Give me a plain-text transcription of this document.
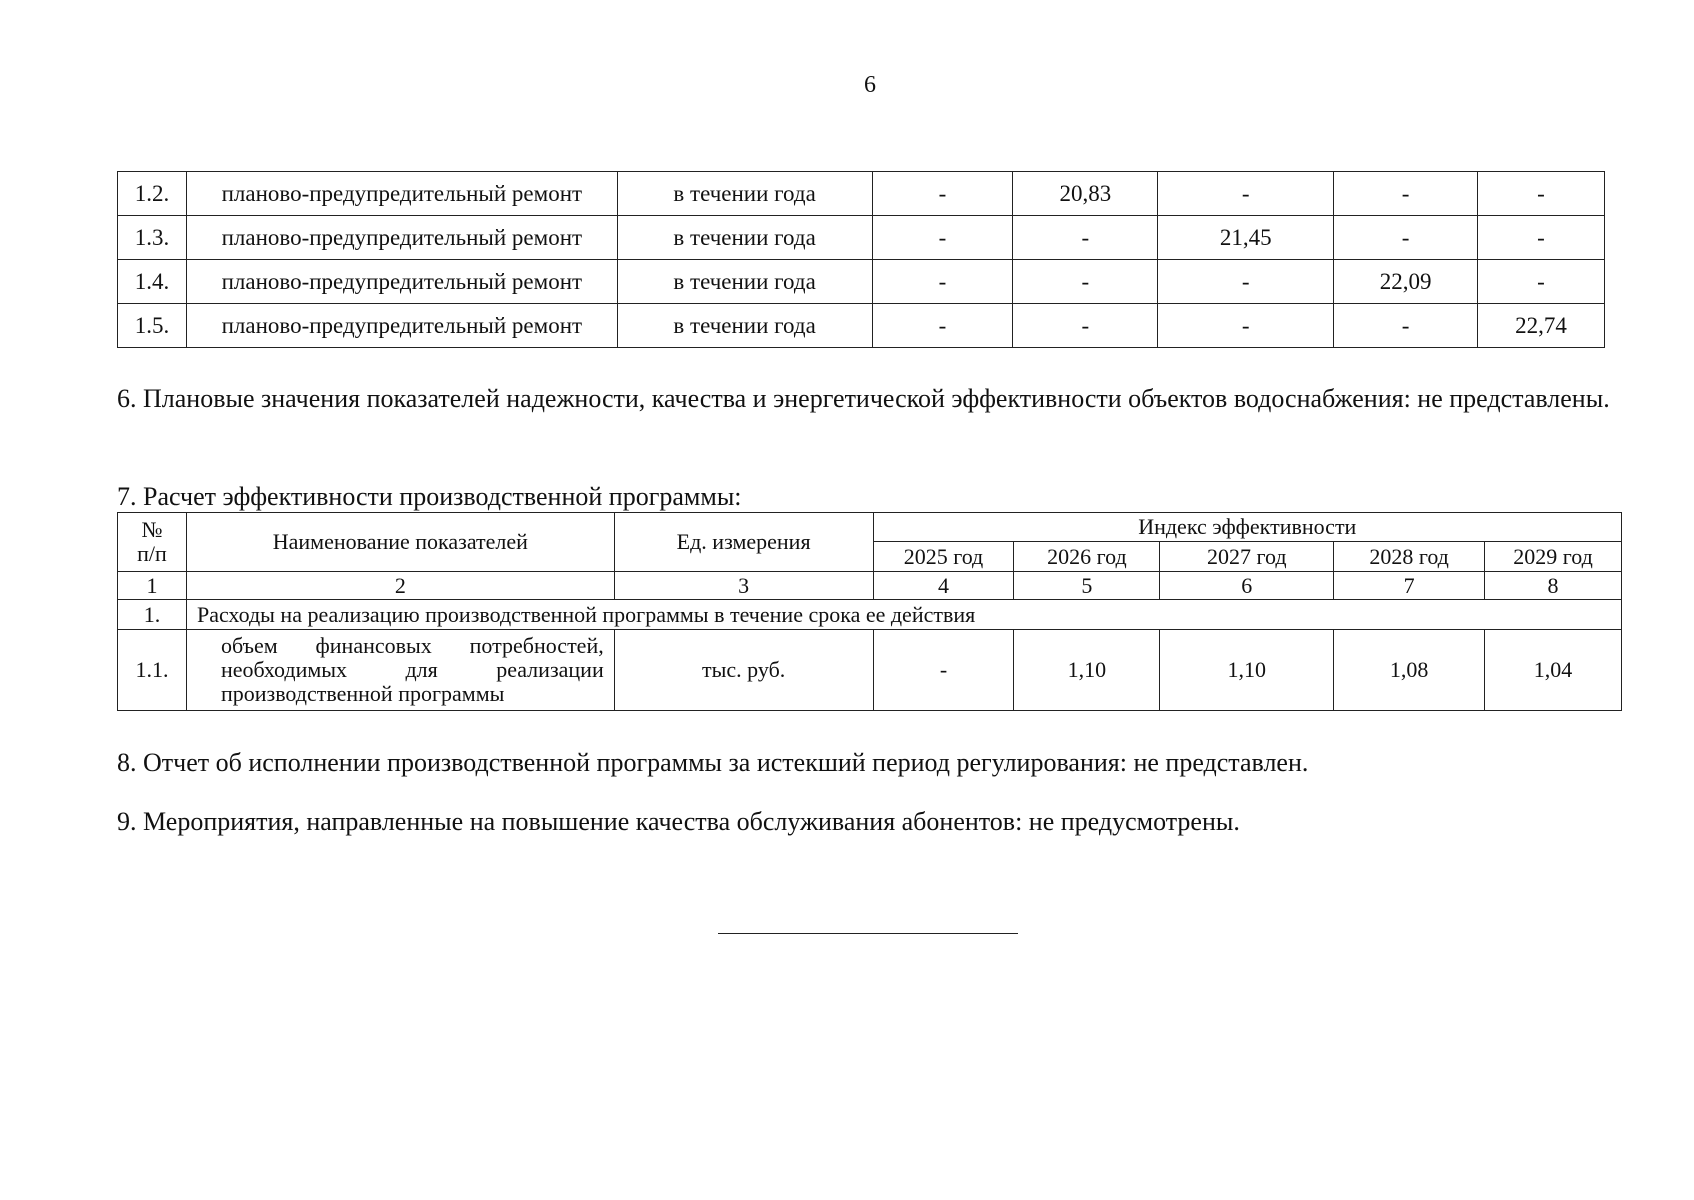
6
1.2.	планово-предупредительный ремонт	в течении года	-	20,83	-	-	-
1.3.	планово-предупредительный ремонт	в течении года	-	-	21,45	-	-
1.4.	планово-предупредительный ремонт	в течении года	-	-	-	22,09	-
1.5.	планово-предупредительный ремонт	в течении года	-	-	-	-	22,74

6. Плановые значения показателей надежности, качества и энергетической эффективности объектов водоснабжения: не представлены.

7. Расчет эффективности производственной программы:

№
п/п	Наименование показателей	Ед. измерения	Индекс эффективности				
			2025 год	2026 год	2027 год	2028 год	2029 год
1	2	3	4	5	6	7	8
1.	Расходы на реализацию производственной программы в течение срока ее действия						
1.1.	объем финансовых потребностей,
необходимых для реализации
производственной программы	тыс. руб.	-	1,10	1,10	1,08	1,04

8. Отчет об исполнении производственной программы за истекший период регулирования: не представлен.

9. Мероприятия, направленные на повышение качества обслуживания абонентов: не предусмотрены.
